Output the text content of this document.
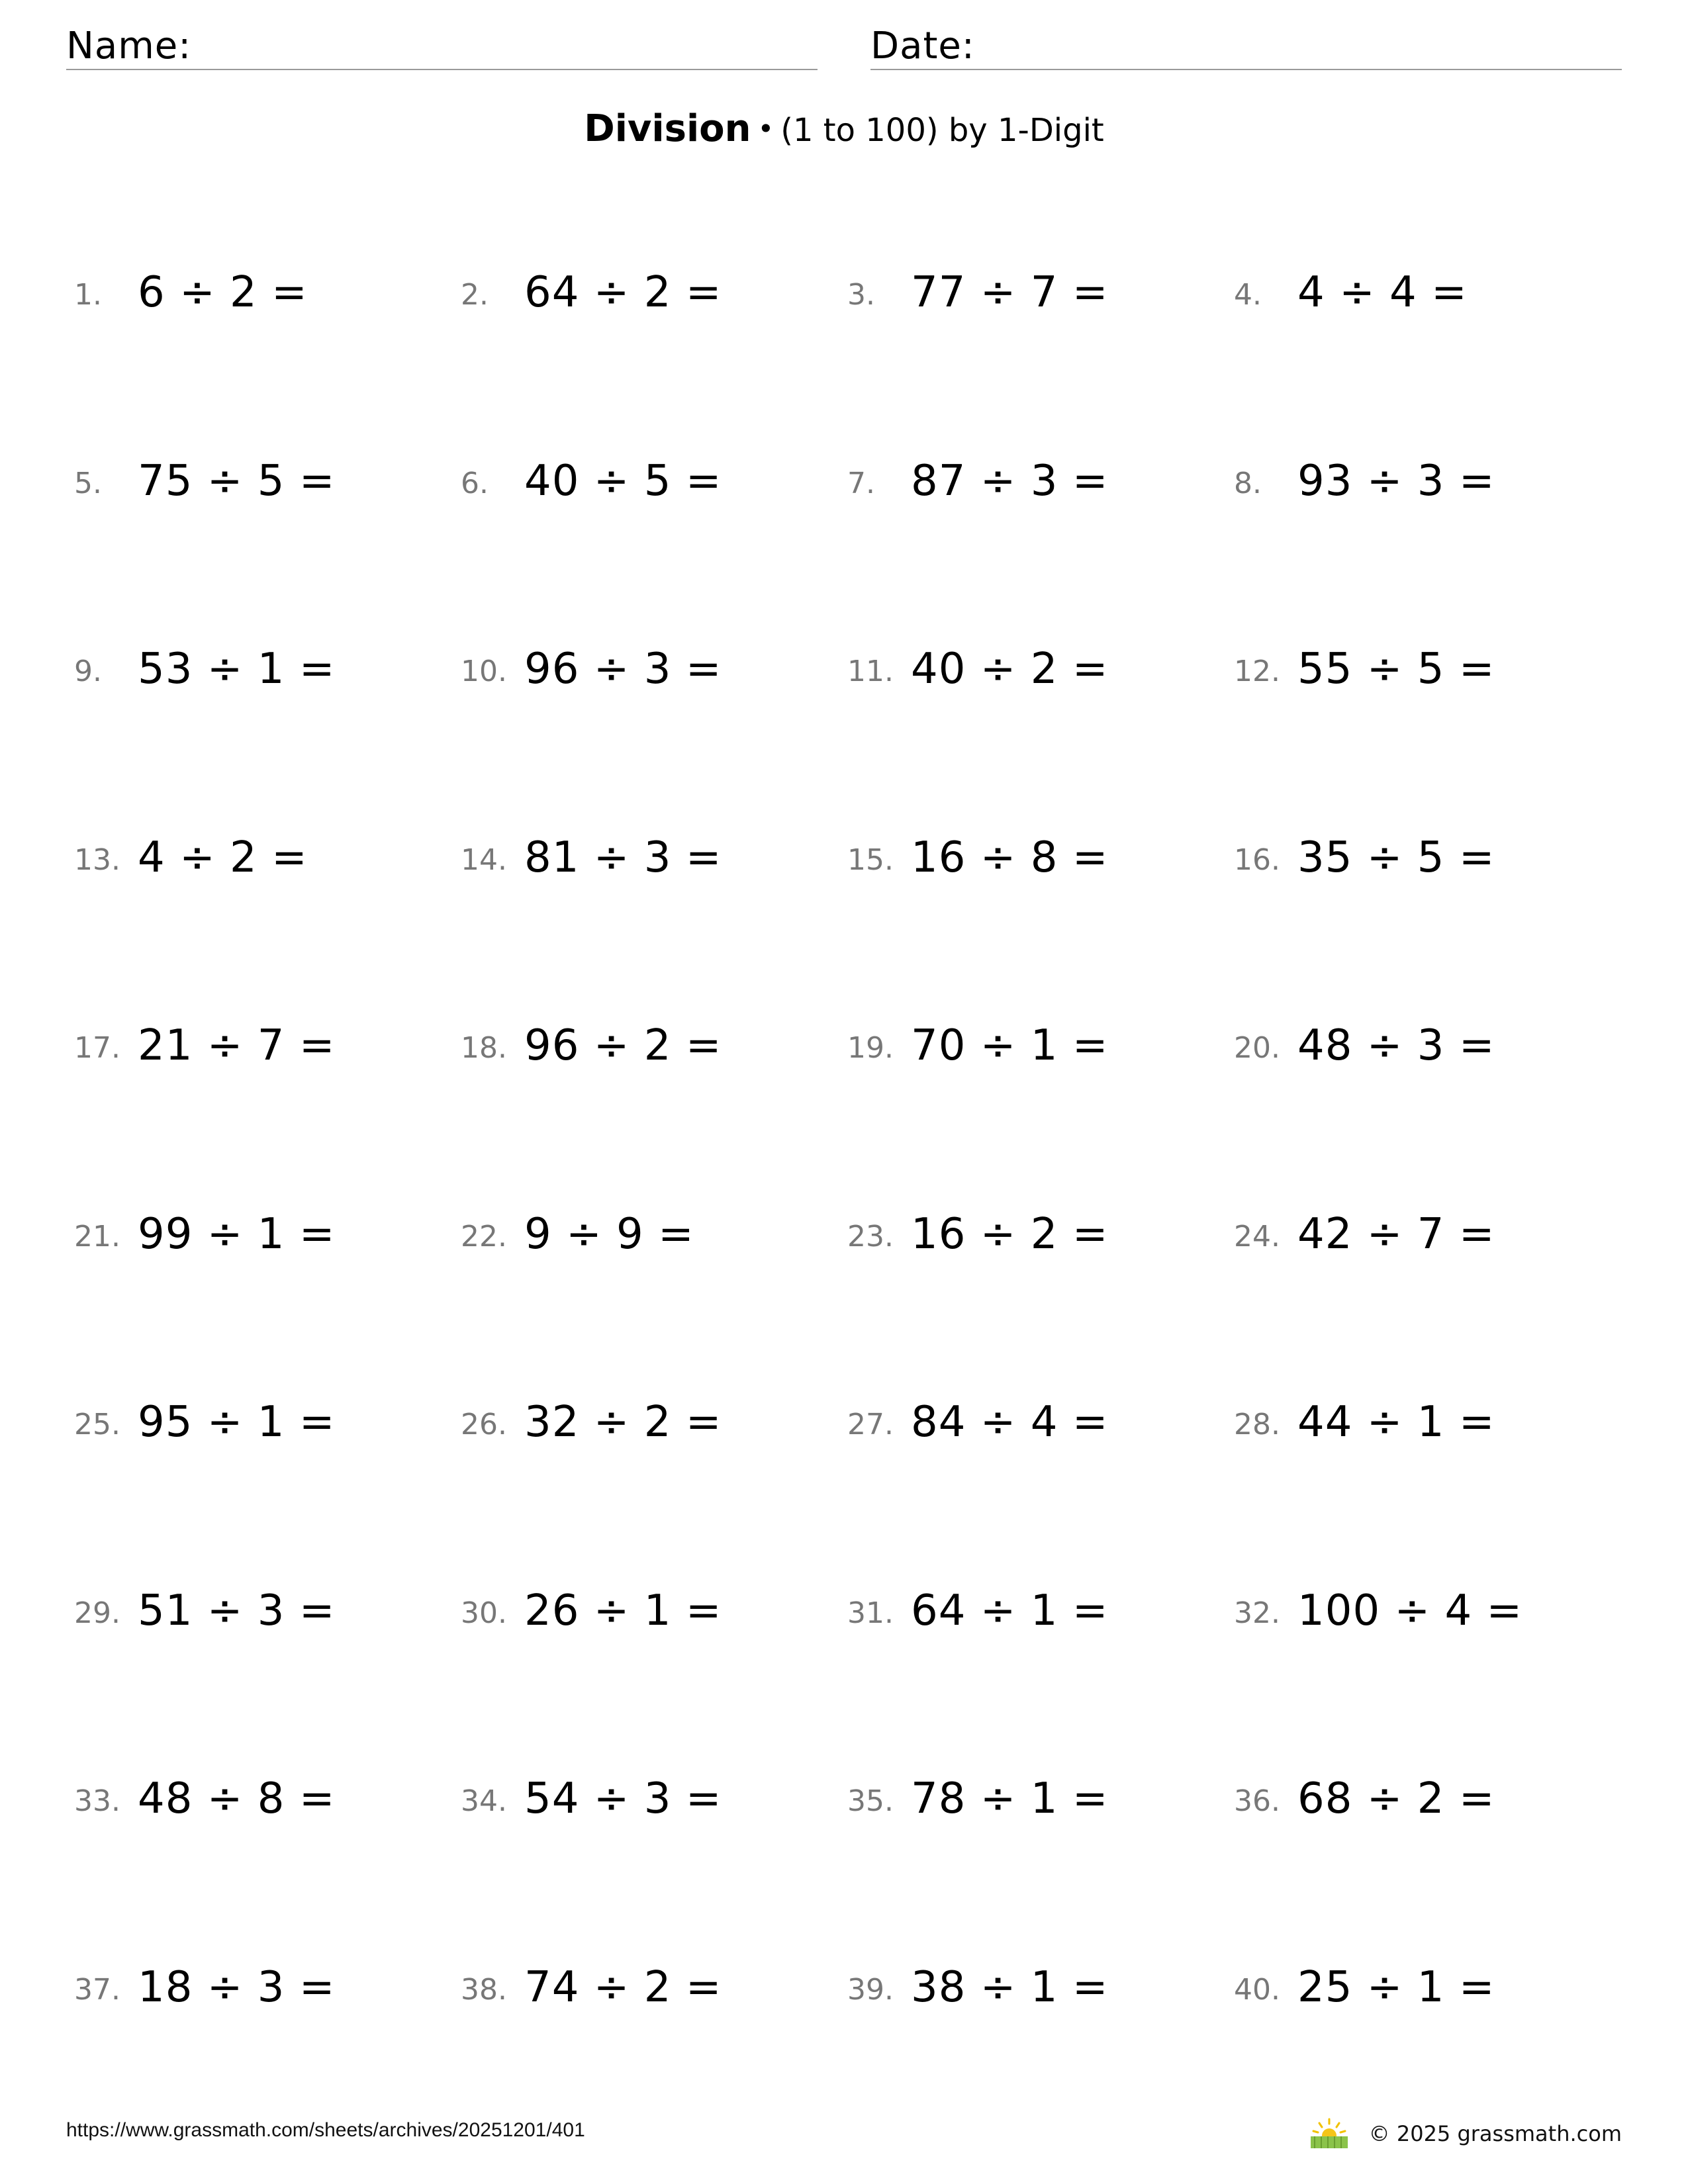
Name:	Date:
Division • (1 to 100) by 1-Digit
1. 6 ÷ 2 =	2. 64 ÷ 2 =	3. 77 ÷ 7 =	4. 4 ÷ 4 =
5. 75 ÷ 5 =	6. 40 ÷ 5 =	7. 87 ÷ 3 =	8. 93 ÷ 3 =
9. 53 ÷ 1 =	10. 96 ÷ 3 =	11. 40 ÷ 2 =	12. 55 ÷ 5 =
13. 4 ÷ 2 =	14. 81 ÷ 3 =	15. 16 ÷ 8 =	16. 35 ÷ 5 =
17. 21 ÷ 7 =	18. 96 ÷ 2 =	19. 70 ÷ 1 =	20. 48 ÷ 3 =
21. 99 ÷ 1 =	22. 9 ÷ 9 =	23. 16 ÷ 2 =	24. 42 ÷ 7 =
25. 95 ÷ 1 =	26. 32 ÷ 2 =	27. 84 ÷ 4 =	28. 44 ÷ 1 =
29. 51 ÷ 3 =	30. 26 ÷ 1 =	31. 64 ÷ 1 =	32. 100 ÷ 4 =
33. 48 ÷ 8 =	34. 54 ÷ 3 =	35. 78 ÷ 1 =	36. 68 ÷ 2 =
37. 18 ÷ 3 =	38. 74 ÷ 2 =	39. 38 ÷ 1 =	40. 25 ÷ 1 =
https://www.grassmath.com/sheets/archives/20251201/401	© 2025 grassmath.com
